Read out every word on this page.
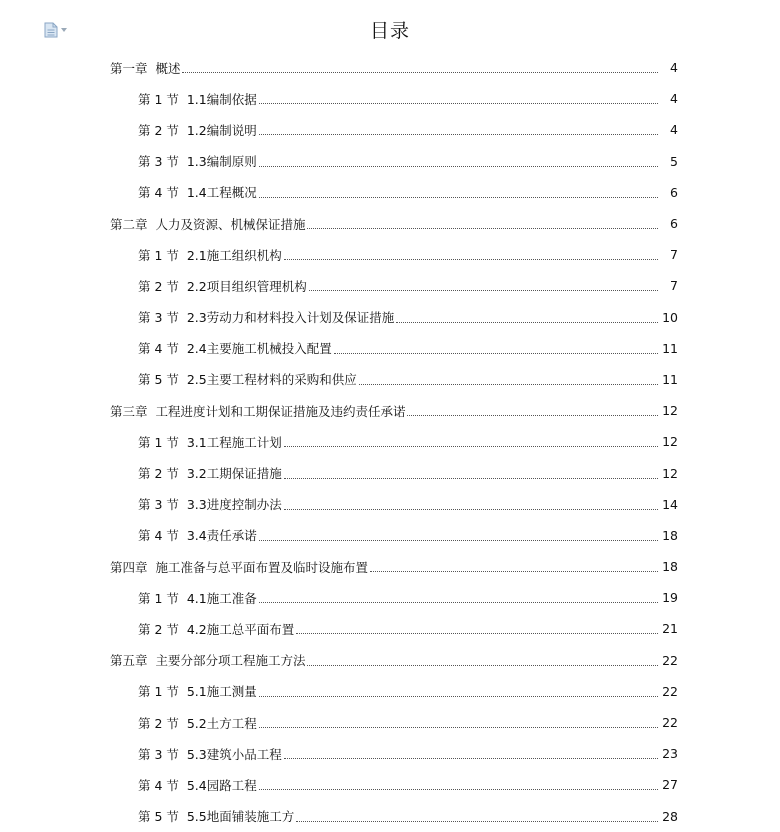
目录
第一章  概述	4
第 1 节  1.1编制依据	4
第 2 节  1.2编制说明	4
第 3 节  1.3编制原则	5
第 4 节  1.4工程概况	6
第二章  人力及资源、机械保证措施	6
第 1 节  2.1施工组织机构	7
第 2 节  2.2项目组织管理机构	7
第 3 节  2.3劳动力和材料投入计划及保证措施	10
第 4 节  2.4主要施工机械投入配置	11
第 5 节  2.5主要工程材料的采购和供应	11
第三章  工程进度计划和工期保证措施及违约责任承诺	12
第 1 节  3.1工程施工计划	12
第 2 节  3.2工期保证措施	12
第 3 节  3.3进度控制办法	14
第 4 节  3.4责任承诺	18
第四章  施工准备与总平面布置及临时设施布置	18
第 1 节  4.1施工准备	19
第 2 节  4.2施工总平面布置	21
第五章  主要分部分项工程施工方法	22
第 1 节  5.1施工测量	22
第 2 节  5.2土方工程	22
第 3 节  5.3建筑小品工程	23
第 4 节  5.4园路工程	27
第 5 节  5.5地面铺装施工方	28
